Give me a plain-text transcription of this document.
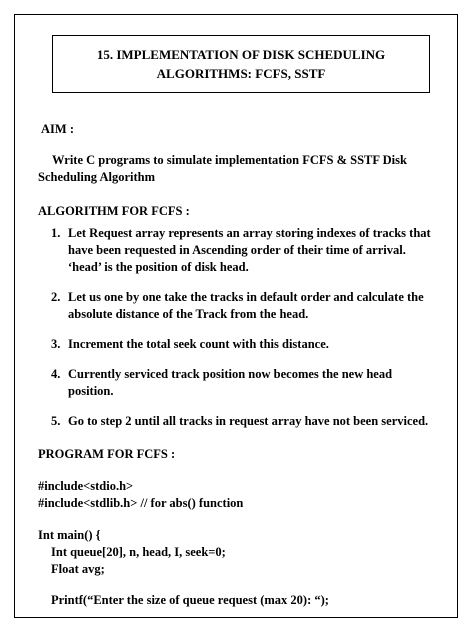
15. IMPLEMENTATION OF DISK SCHEDULING
ALGORITHMS: FCFS, SSTF
AIM :
Write C programs to simulate implementation FCFS & SSTF Disk Scheduling Algorithm
ALGORITHM FOR FCFS :
1. Let Request array represents an array storing indexes of tracks that have been requested in Ascending order of their time of arrival. ‘head’ is the position of disk head.
2. Let us one by one take the tracks in default order and calculate the absolute distance of the Track from the head.
3. Increment the total seek count with this distance.
4. Currently serviced track position now becomes the new head position.
5. Go to step 2 until all tracks in request array have not been serviced.
PROGRAM FOR FCFS :
#include<stdio.h>
#include<stdlib.h> // for abs() function
Int main() {
Int queue[20], n, head, I, seek=0;
Float avg;
Printf(“Enter the size of queue request (max 20): “);
